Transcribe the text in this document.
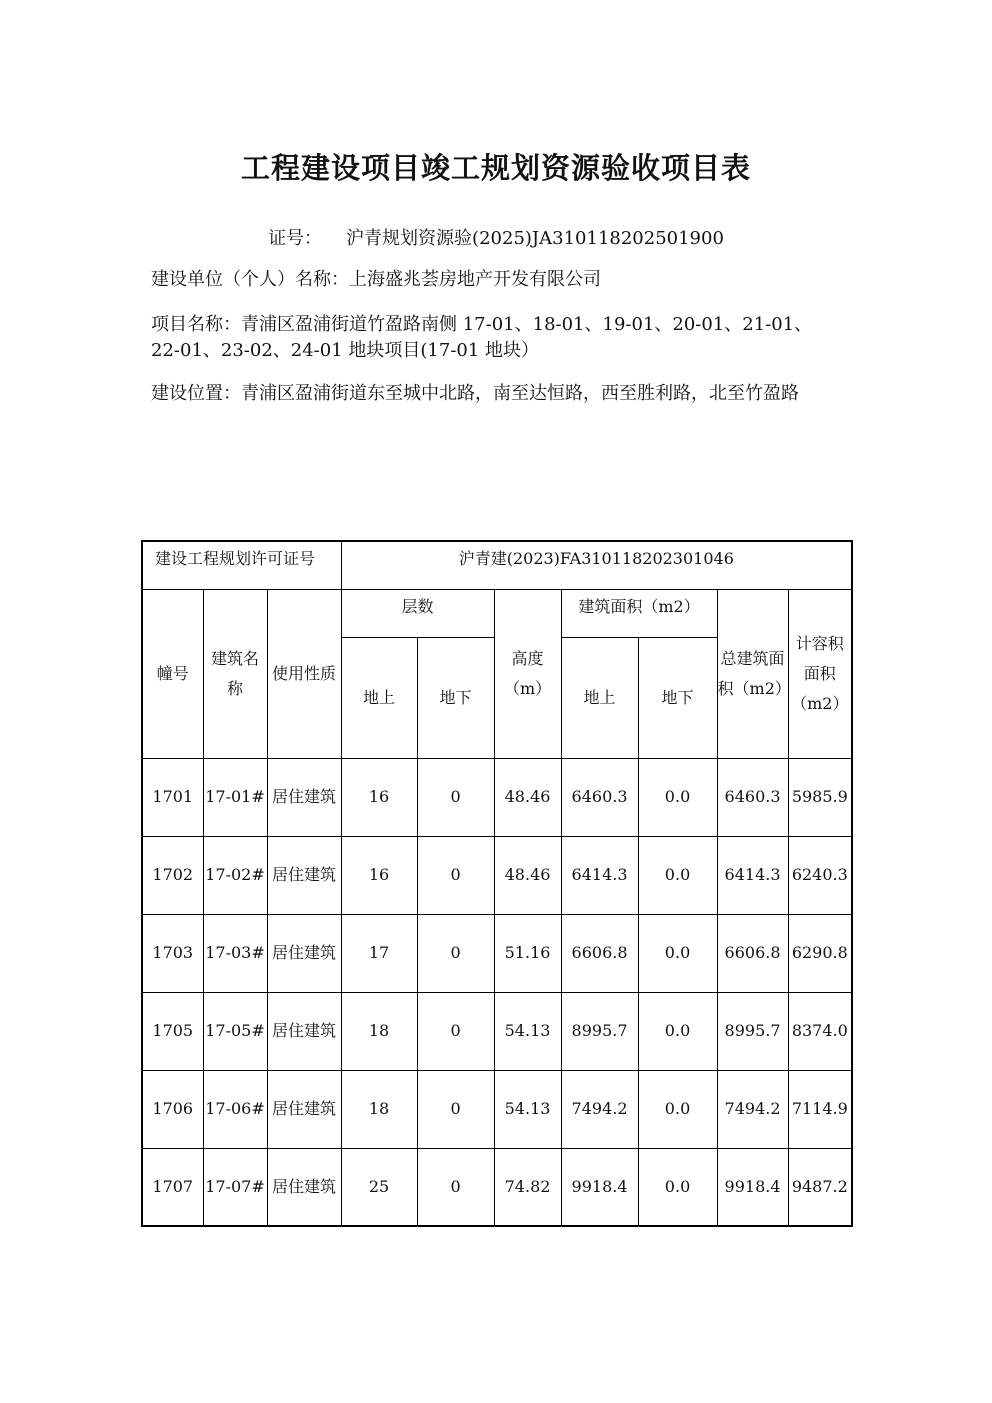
工程建设项目竣工规划资源验收项目表
证号： 沪青规划资源验(2025)JA310118202501900
建设单位（个人）名称：上海盛兆荟房地产开发有限公司
项目名称：青浦区盈浦街道竹盈路南侧 17-01、18-01、19-01、20-01、21-01、22-01、23-02、24-01 地块项目(17-01 地块）
建设位置：青浦区盈浦街道东至城中北路，南至达恒路，西至胜利路，北至竹盈路
建设工程规划许可证号			沪青建(2023)FA310118202301046						
幢号	建筑名称	使用性质	层数		高度（m）	建筑面积（m2）		总建筑面积（m2）	计容积面积（m2）
			地上	地下		地上	地下		
1701	17-01#	居住建筑	16	0	48.46	6460.3	0.0	6460.3	5985.9
1702	17-02#	居住建筑	16	0	48.46	6414.3	0.0	6414.3	6240.3
1703	17-03#	居住建筑	17	0	51.16	6606.8	0.0	6606.8	6290.8
1705	17-05#	居住建筑	18	0	54.13	8995.7	0.0	8995.7	8374.0
1706	17-06#	居住建筑	18	0	54.13	7494.2	0.0	7494.2	7114.9
1707	17-07#	居住建筑	25	0	74.82	9918.4	0.0	9918.4	9487.2
